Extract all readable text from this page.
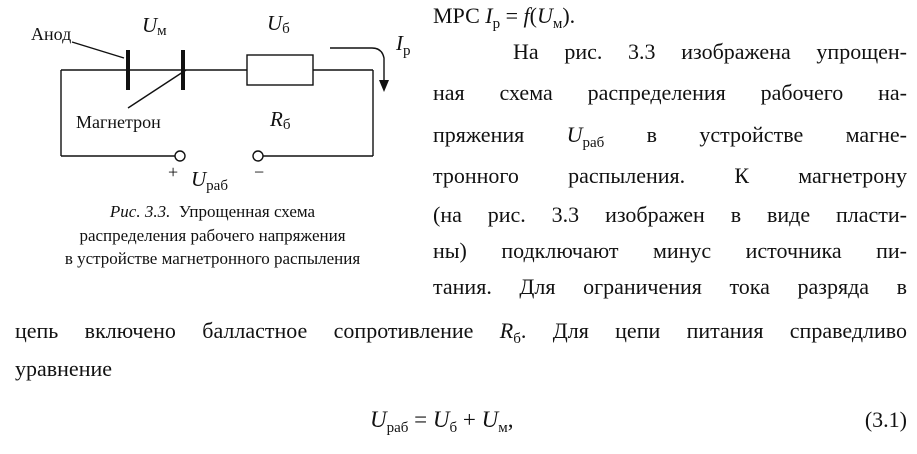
Анод	Uм	Uб
$I_р$
Магнетрон	Rб
+ Uраб
−
Рис. 3.3. Упрощенная схема
распределения рабочего напряжения
в устройстве магнетронного распыления
МРС $I_р = f(U_м)$.
На рис. 3.3 изображена упрощен-
ная схема распределения рабочего на-
пряжения $U_{раб}$ в устройстве магне-
тронного распыления. К магнетрону
(на рис. 3.3 изображен в виде пласти-
ны) подключают минус источника пи-
тания. Для ограничения тока разряда в
цепь включено балластное сопротивление $R_б$. Для цепи питания справедливо
уравнение
$U_{раб} = U_б + U_м$,	(3.1)
